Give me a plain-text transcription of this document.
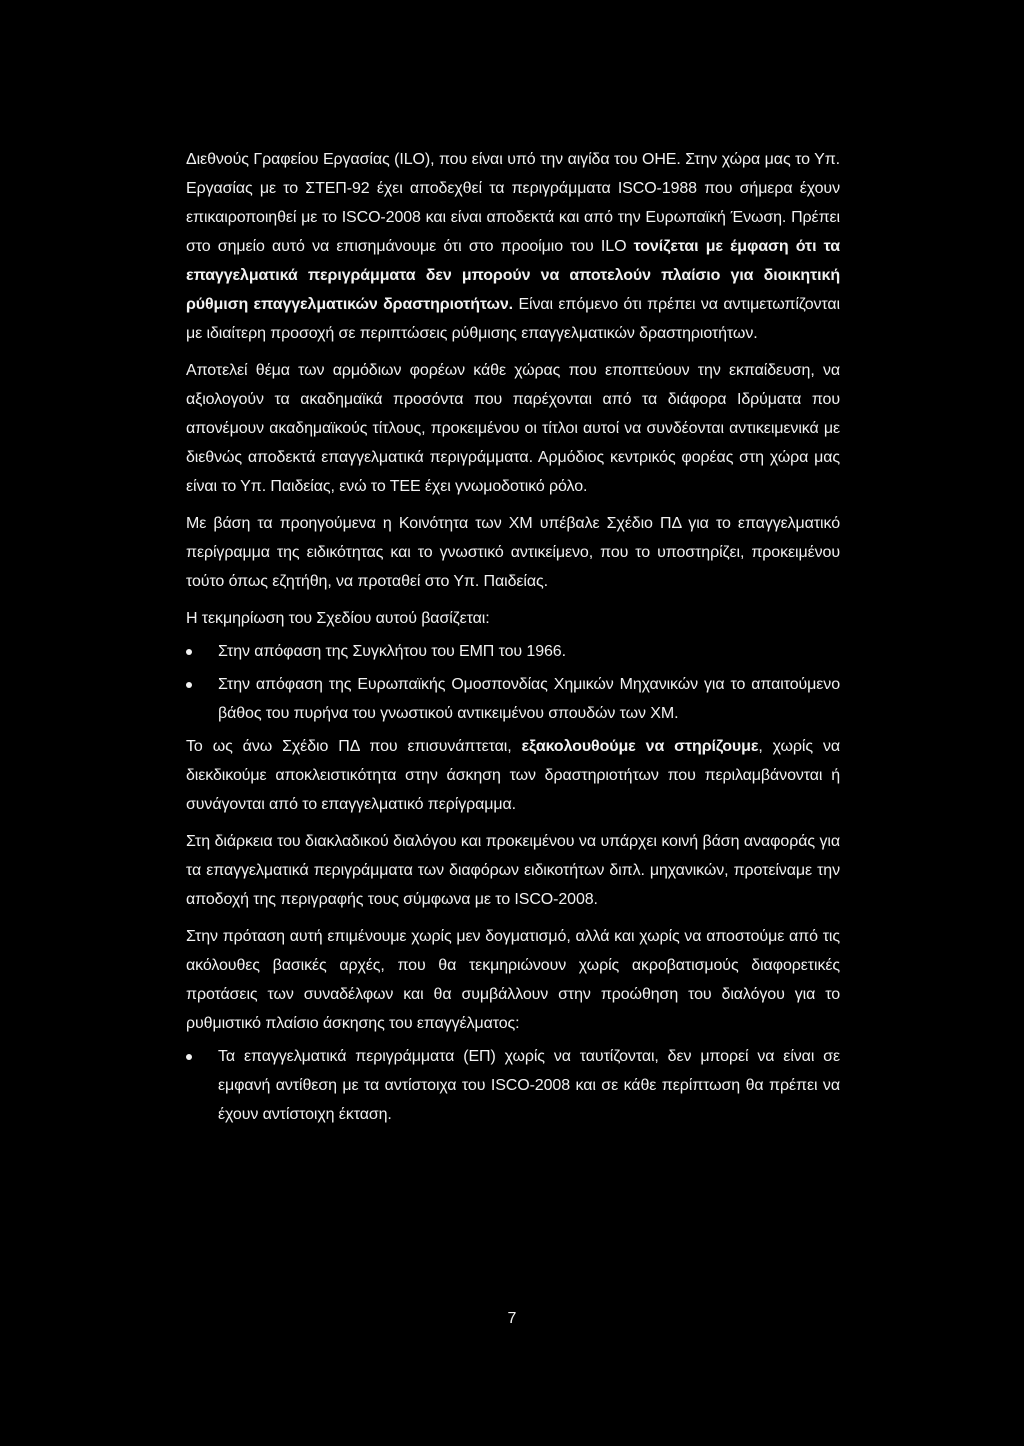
Διεθνούς Γραφείου Εργασίας (ILO), που είναι υπό την αιγίδα του ΟΗΕ. Στην χώρα μας το Υπ. Εργασίας με το ΣΤΕΠ-92 έχει αποδεχθεί τα περιγράμματα ISCO-1988 που σήμερα έχουν επικαιροποιηθεί με το ISCO-2008 και είναι αποδεκτά και από την Ευρωπαϊκή Ένωση. Πρέπει στο σημείο αυτό να επισημάνουμε ότι στο προοίμιο του ILO τονίζεται με έμφαση ότι τα επαγγελματικά περιγράμματα δεν μπορούν να αποτελούν πλαίσιο για διοικητική ρύθμιση επαγγελματικών δραστηριοτήτων. Είναι επόμενο ότι πρέπει να αντιμετωπίζονται με ιδιαίτερη προσοχή σε περιπτώσεις ρύθμισης επαγγελματικών δραστηριοτήτων.

Αποτελεί θέμα των αρμόδιων φορέων κάθε χώρας που εποπτεύουν την εκπαίδευση, να αξιολογούν τα ακαδημαϊκά προσόντα που παρέχονται από τα διάφορα Ιδρύματα που απονέμουν ακαδημαϊκούς τίτλους, προκειμένου οι τίτλοι αυτοί να συνδέονται αντικειμενικά με διεθνώς αποδεκτά επαγγελματικά περιγράμματα. Αρμόδιος κεντρικός φορέας στη χώρα μας είναι το Υπ. Παιδείας, ενώ το ΤΕΕ έχει γνωμοδοτικό ρόλο.

Με βάση τα προηγούμενα η Κοινότητα των ΧΜ υπέβαλε Σχέδιο ΠΔ για το επαγγελματικό περίγραμμα της ειδικότητας και το γνωστικό αντικείμενο, που το υποστηρίζει, προκειμένου τούτο όπως εζητήθη, να προταθεί στο Υπ. Παιδείας.

Η τεκμηρίωση του Σχεδίου αυτού βασίζεται:

Στην απόφαση της Συγκλήτου του ΕΜΠ του 1966.
Στην απόφαση της Ευρωπαϊκής Ομοσπονδίας Χημικών Μηχανικών για το απαιτούμενο βάθος του πυρήνα του γνωστικού αντικειμένου σπουδών των ΧΜ.

Το ως άνω Σχέδιο ΠΔ που επισυνάπτεται, εξακολουθούμε να στηρίζουμε, χωρίς να διεκδικούμε αποκλειστικότητα στην άσκηση των δραστηριοτήτων που περιλαμβάνονται ή συνάγονται από το επαγγελματικό περίγραμμα.

Στη διάρκεια του διακλαδικού διαλόγου και προκειμένου να υπάρχει κοινή βάση αναφοράς για τα επαγγελματικά περιγράμματα των διαφόρων ειδικοτήτων διπλ. μηχανικών, προτείναμε την αποδοχή της περιγραφής τους σύμφωνα με το ISCO-2008.

Στην πρόταση αυτή επιμένουμε χωρίς μεν δογματισμό, αλλά και χωρίς να αποστούμε από τις ακόλουθες βασικές αρχές, που θα τεκμηριώνουν χωρίς ακροβατισμούς διαφορετικές προτάσεις των συναδέλφων και θα συμβάλλουν στην προώθηση του διαλόγου για το ρυθμιστικό πλαίσιο άσκησης του επαγγέλματος:

Τα επαγγελματικά περιγράμματα (ΕΠ) χωρίς να ταυτίζονται, δεν μπορεί να είναι σε εμφανή αντίθεση με τα αντίστοιχα του ISCO-2008 και σε κάθε περίπτωση θα πρέπει να έχουν αντίστοιχη έκταση.
7
